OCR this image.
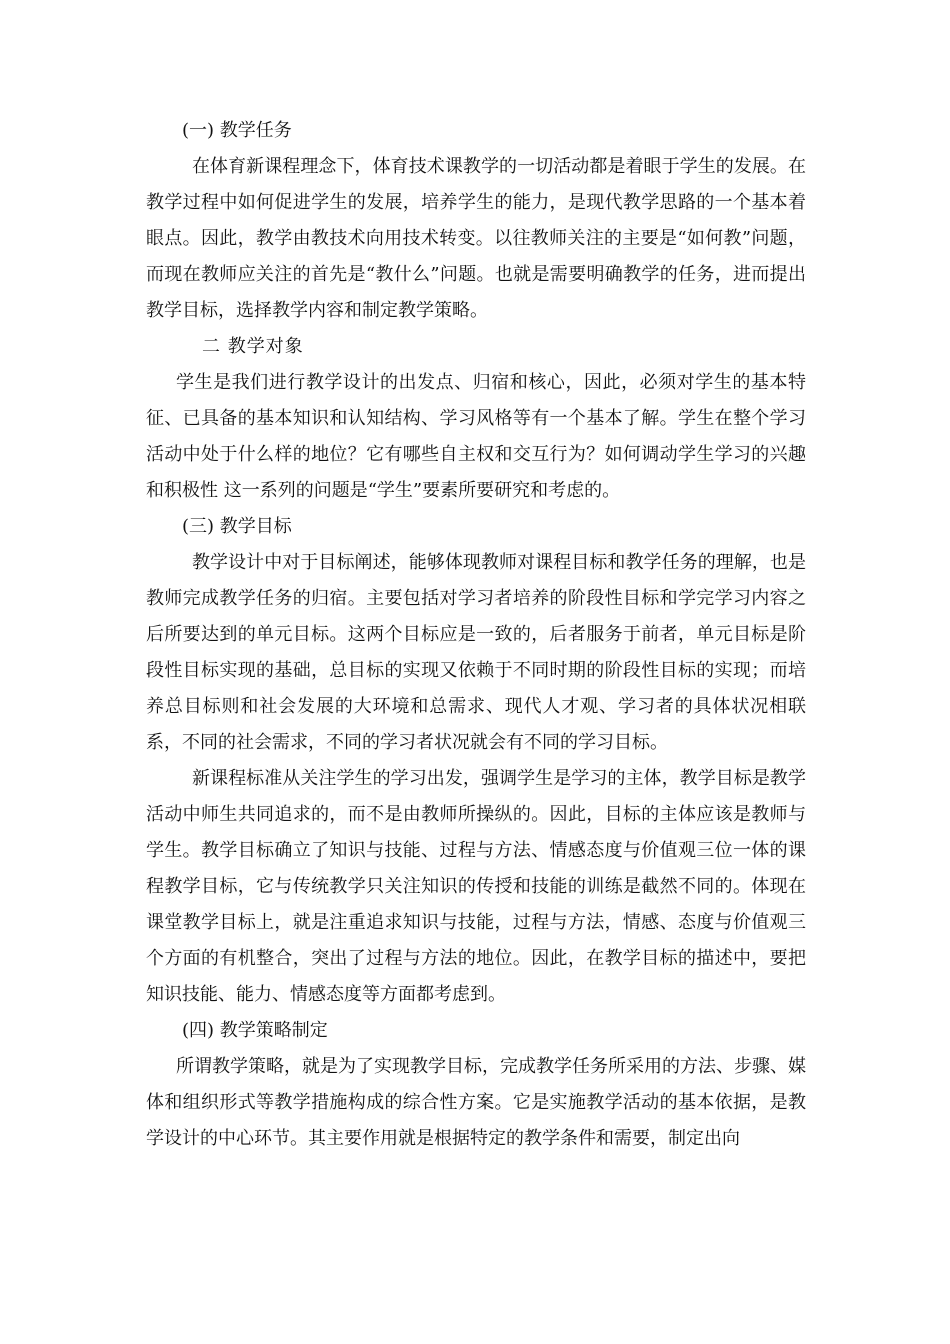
(一) 教学任务

在体育新课程理念下，体育技术课教学的一切活动都是着眼于学生的发展。在教学过程中如何促进学生的发展，培养学生的能力，是现代教学思路的一个基本着眼点。因此，教学由教技术向用技术转变。以往教师关注的主要是“如何教”问题，而现在教师应关注的首先是“教什么”问题。也就是需要明确教学的任务，进而提出教学目标，选择教学内容和制定教学策略。

二 教学对象

学生是我们进行教学设计的出发点、归宿和核心，因此，必须对学生的基本特征、已具备的基本知识和认知结构、学习风格等有一个基本了解。学生在整个学习活动中处于什么样的地位？它有哪些自主权和交互行为？如何调动学生学习的兴趣和积极性 这一系列的问题是“学生”要素所要研究和考虑的。

(三) 教学目标

教学设计中对于目标阐述，能够体现教师对课程目标和教学任务的理解，也是教师完成教学任务的归宿。主要包括对学习者培养的阶段性目标和学完学习内容之后所要达到的单元目标。这两个目标应是一致的，后者服务于前者，单元目标是阶段性目标实现的基础，总目标的实现又依赖于不同时期的阶段性目标的实现；而培养总目标则和社会发展的大环境和总需求、现代人才观、学习者的具体状况相联系，不同的社会需求，不同的学习者状况就会有不同的学习目标。

新课程标准从关注学生的学习出发，强调学生是学习的主体，教学目标是教学活动中师生共同追求的，而不是由教师所操纵的。因此，目标的主体应该是教师与学生。教学目标确立了知识与技能、过程与方法、情感态度与价值观三位一体的课程教学目标，它与传统教学只关注知识的传授和技能的训练是截然不同的。体现在课堂教学目标上，就是注重追求知识与技能，过程与方法，情感、态度与价值观三个方面的有机整合，突出了过程与方法的地位。因此，在教学目标的描述中，要把知识技能、能力、情感态度等方面都考虑到。

(四) 教学策略制定

所谓教学策略，就是为了实现教学目标，完成教学任务所采用的方法、步骤、媒体和组织形式等教学措施构成的综合性方案。它是实施教学活动的基本依据，是教学设计的中心环节。其主要作用就是根据特定的教学条件和需要，制定出向
